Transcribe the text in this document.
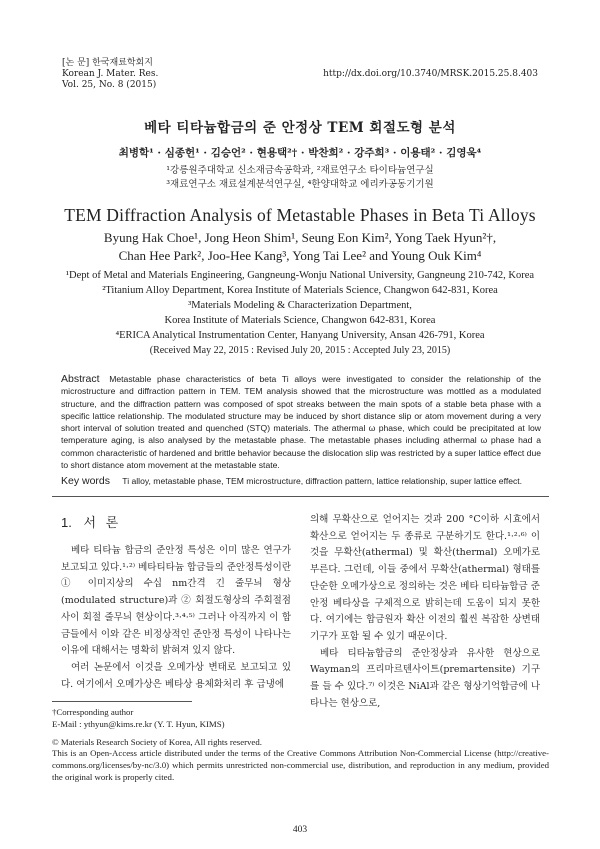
[논 문] 한국재료학회지
Korean J. Mater. Res.
Vol. 25, No. 8 (2015)
http://dx.doi.org/10.3740/MRSK.2015.25.8.403
베타 티타늄합금의 준 안정상 TEM 회절도형 분석
최병학¹ · 심종헌¹ · 김승언² · 현용택²† · 박찬희² · 강주희³ · 이용태² · 김영욱⁴
¹강릉원주대학교 신소재금속공학과, ²재료연구소 타이타늄연구실
³재료연구소 재료설계분석연구실, ⁴한양대학교 에리카공동기기원
TEM Diffraction Analysis of Metastable Phases in Beta Ti Alloys
Byung Hak Choe¹, Jong Heon Shim¹, Seung Eon Kim², Yong Taek Hyun²†,
Chan Hee Park², Joo-Hee Kang³, Yong Tai Lee² and Young Ouk Kim⁴
¹Dept of Metal and Materials Engineering, Gangneung-Wonju National University, Gangneung 210-742, Korea
²Titanium Alloy Department, Korea Institute of Materials Science, Changwon 642-831, Korea
³Materials Modeling & Characterization Department,
Korea Institute of Materials Science, Changwon 642-831, Korea
⁴ERICA Analytical Instrumentation Center, Hanyang University, Ansan 426-791, Korea
(Received May 22, 2015 : Revised July 20, 2015 : Accepted July 23, 2015)
Abstract Metastable phase characteristics of beta Ti alloys were investigated to consider the relationship of the microstructure and diffraction pattern in TEM. TEM analysis showed that the microstructure was mottled as a modulated structure, and the diffraction pattern was composed of spot streaks between the main spots of a stable beta phase with a specific lattice relationship. The modulated structure may be induced by short distance slip or atom movement during a very short interval of solution treated and quenched (STQ) materials. The athermal ω phase, which could be precipitated at low temperature aging, is also analysed by the metastable phase. The metastable phases including athermal ω phase had a common characteristic of hardened and brittle behavior because the dislocation slip was restricted by a super lattice effect due to short distance atom movement at the metastable state.
Key words Ti alloy, metastable phase, TEM microstructure, diffraction pattern, lattice relationship, super lattice effect.
1. 서 론

베타 티타늄 합금의 준안정 특성은 이미 많은 연구가 보고되고 있다.¹·²⁾ 베타티타늄 합금들의 준안정특성이란 ① 이미지상의 수십 nm간격 긴 줄무늬 형상(modulated structure)과 ② 회절도형상의 주회절점 사이 회절 줄무늬 현상이다.³·⁴·⁵⁾ 그러나 아직까지 이 합금들에서 이와 같은 비정상적인 준안정 특성이 나타나는 이유에 대해서는 명확히 밝혀져 있지 않다.

여러 논문에서 이것을 오메가상 변태로 보고되고 있다. 여기에서 오메가상은 베타상 용체화처리 후 급냉에

의해 무확산으로 얻어지는 것과 200 °C이하 시효에서 확산으로 얻어지는 두 종류로 구분하기도 한다.¹·²·⁶⁾ 이것을 무확산(athermal) 및 확산(thermal) 오메가로 부른다. 그런데, 이들 중에서 무확산(athermal) 형태를 단순한 오메가상으로 정의하는 것은 베타 티타늄합금 준안정 베타상을 구체적으로 밝히는데 도움이 되지 못한다. 여기에는 합금원자 확산 이전의 훨씬 복잡한 상변태 기구가 포함 될 수 있기 때문이다.

베타 티타늄합금의 준안정상과 유사한 현상으로 Wayman의 프리마르텐사이트(premartensite) 기구를 들 수 있다.⁷⁾ 이것은 NiAl과 같은 형상기억합금에 나타나는 현상으로,

†Corresponding author
E-Mail : ythyun@kims.re.kr (Y. T. Hyun, KIMS)
© Materials Research Society of Korea, All rights reserved.
This is an Open-Access article distributed under the terms of the Creative Commons Attribution Non-Commercial License (http://creative-commons.org/licenses/by-nc/3.0) which permits unrestricted non-commercial use, distribution, and reproduction in any medium, provided the original work is properly cited.
403
